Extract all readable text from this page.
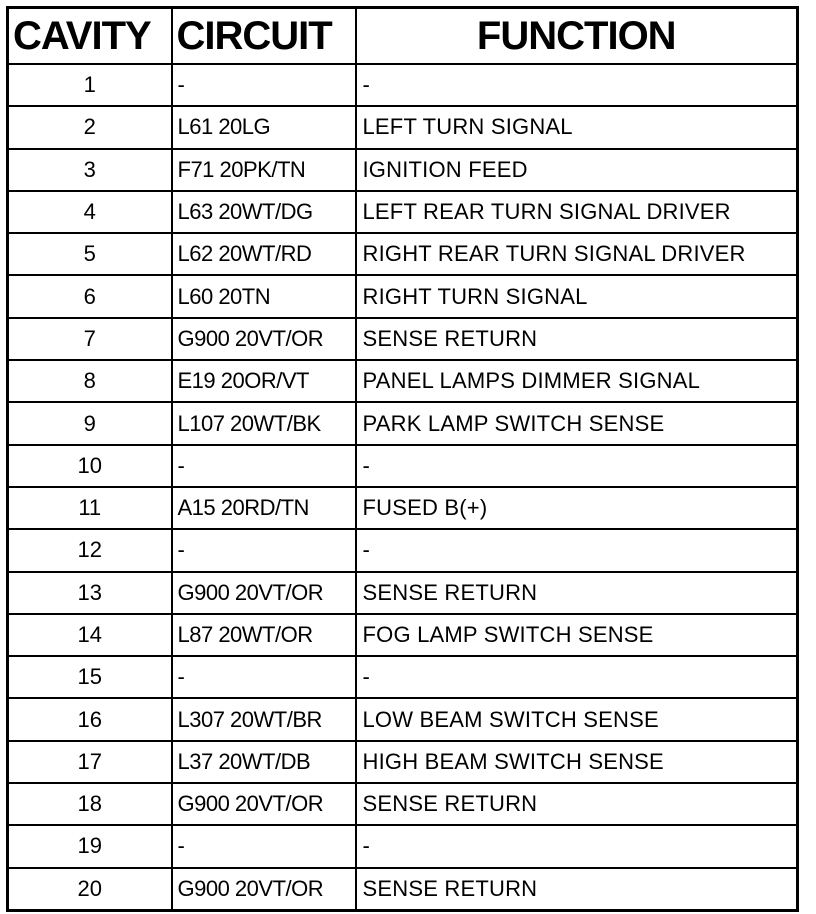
CAVITY	CIRCUIT	FUNCTION
1	-	-
2	L61 20LG	LEFT TURN SIGNAL
3	F71 20PK/TN	IGNITION FEED
4	L63 20WT/DG	LEFT REAR TURN SIGNAL DRIVER
5	L62 20WT/RD	RIGHT REAR TURN SIGNAL DRIVER
6	L60 20TN	RIGHT TURN SIGNAL
7	G900 20VT/OR	SENSE RETURN
8	E19 20OR/VT	PANEL LAMPS DIMMER SIGNAL
9	L107 20WT/BK	PARK LAMP SWITCH SENSE
10	-	-
11	A15 20RD/TN	FUSED B(+)
12	-	-
13	G900 20VT/OR	SENSE RETURN
14	L87 20WT/OR	FOG LAMP SWITCH SENSE
15	-	-
16	L307 20WT/BR	LOW BEAM SWITCH SENSE
17	L37 20WT/DB	HIGH BEAM SWITCH SENSE
18	G900 20VT/OR	SENSE RETURN
19	-	-
20	G900 20VT/OR	SENSE RETURN
